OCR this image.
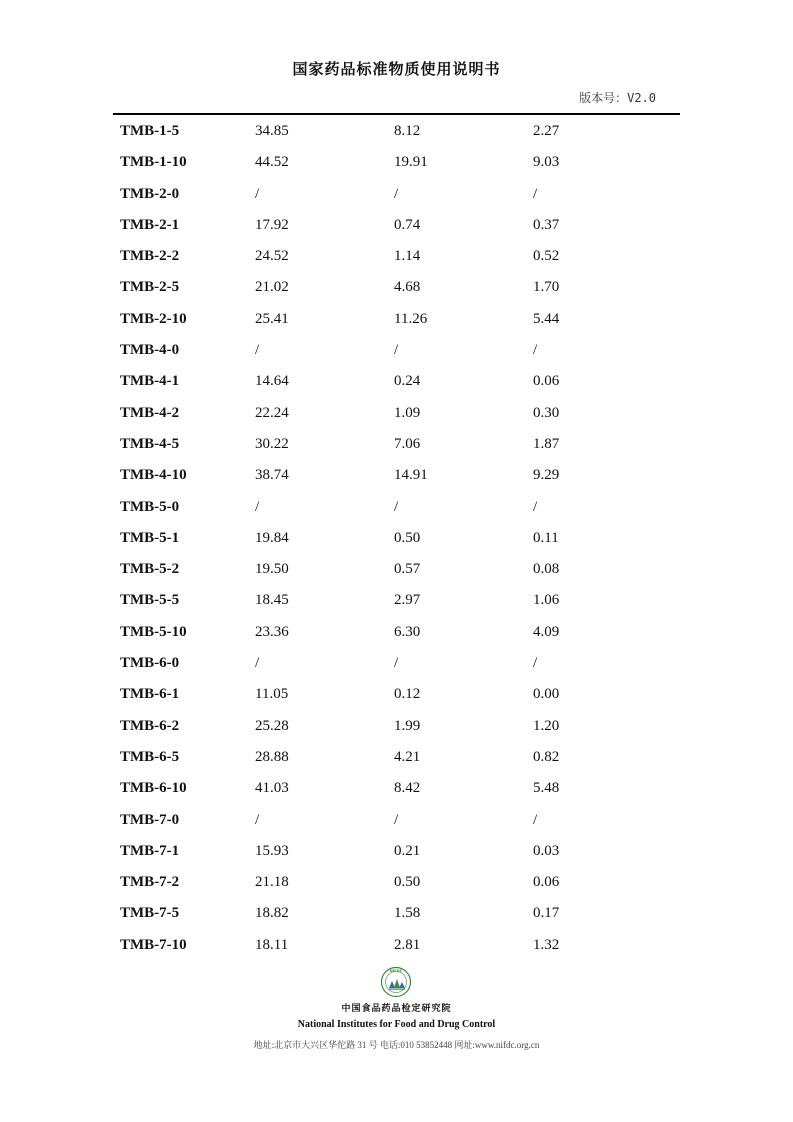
国家药品标准物质使用说明书
版本号：V2.0
TMB-1-5	34.85	8.12	2.27
TMB-1-10	44.52	19.91	9.03
TMB-2-0	/	/	/
TMB-2-1	17.92	0.74	0.37
TMB-2-2	24.52	1.14	0.52
TMB-2-5	21.02	4.68	1.70
TMB-2-10	25.41	11.26	5.44
TMB-4-0	/	/	/
TMB-4-1	14.64	0.24	0.06
TMB-4-2	22.24	1.09	0.30
TMB-4-5	30.22	7.06	1.87
TMB-4-10	38.74	14.91	9.29
TMB-5-0	/	/	/
TMB-5-1	19.84	0.50	0.11
TMB-5-2	19.50	0.57	0.08
TMB-5-5	18.45	2.97	1.06
TMB-5-10	23.36	6.30	4.09
TMB-6-0	/	/	/
TMB-6-1	11.05	0.12	0.00
TMB-6-2	25.28	1.99	1.20
TMB-6-5	28.88	4.21	0.82
TMB-6-10	41.03	8.42	5.48
TMB-7-0	/	/	/
TMB-7-1	15.93	0.21	0.03
TMB-7-2	21.18	0.50	0.06
TMB-7-5	18.82	1.58	0.17
TMB-7-10	18.11	2.81	1.32
NIFDC
中国食品药品检定研究院
National Institutes for Food and Drug Control
地址:北京市大兴区华佗路 31 号 电话:010 53852448 网址:www.nifdc.org.cn
